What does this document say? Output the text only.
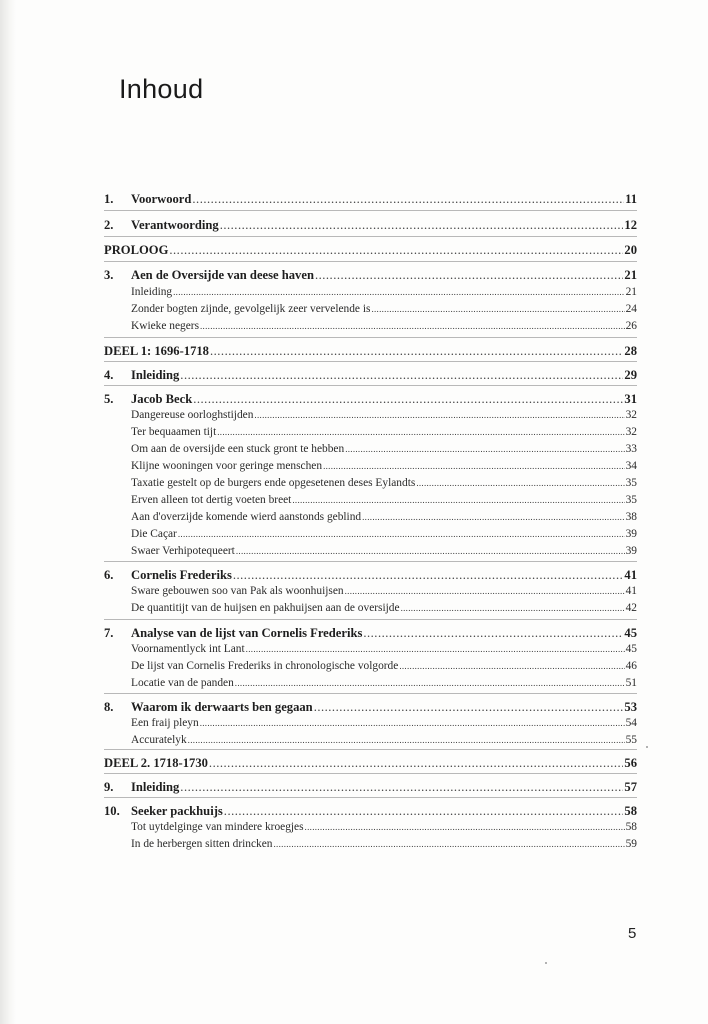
Inhoud
1.	Voorwoord .....	11
2.	Verantwoording .....	12
PROLOOG .....	20
3.	Aen de Oversijde van deese haven .....	21
Inleiding .....	21
Zonder bogten zijnde, gevolgelijk zeer vervelende is .....	24
Kwieke negers .....	26
DEEL 1: 1696-1718 .....	28
4.	Inleiding .....	29
5.	Jacob Beck .....	31
Dangereuse oorloghstijden .....	32
Ter bequaamen tijt .....	32
Om aan de oversijde een stuck gront te hebben .....	33
Klijne wooningen voor geringe menschen .....	34
Taxatie gestelt op de burgers ende opgesetenen deses Eylandts .....	35
Erven alleen tot dertig voeten breet .....	35
Aan d'overzijde komende wierd aanstonds geblind .....	38
Die Caçar .....	39
Swaer Verhipotequeert .....	39
6.	Cornelis Frederiks .....	41
Sware gebouwen soo van Pak als woonhuijsen .....	41
De quantitijt van de huijsen en pakhuijsen aan de oversijde .....	42
7.	Analyse van de lijst van Cornelis Frederiks .....	45
Voornamentlyck int Lant .....	45
De lijst van Cornelis Frederiks in chronologische volgorde .....	46
Locatie van de panden .....	51
8.	Waarom ik derwaarts ben gegaan .....	53
Een fraij pleyn .....	54
Accuratelyk .....	55
DEEL 2. 1718-1730 .....	56
9.	Inleiding .....	57
10. Seeker packhuijs .....	58
Tot uytdelginge van mindere kroegjes .....	58
In de herbergen sitten drincken .....	59
5
